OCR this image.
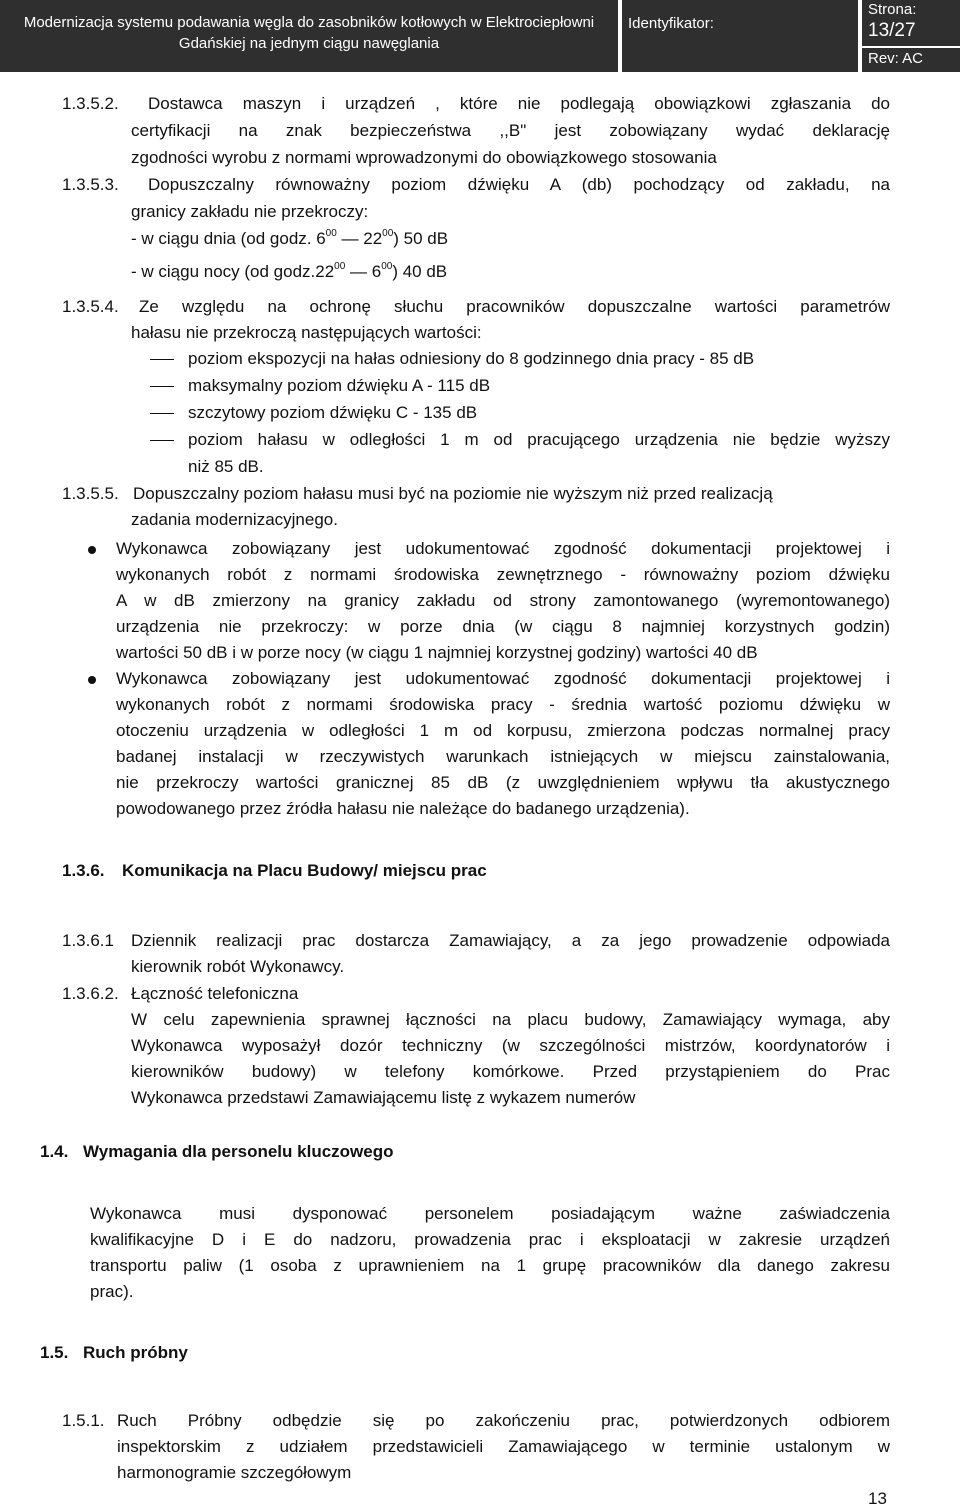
Modernizacja systemu podawania węgla do zasobników kotłowych w Elektrociepłowni
Gdańskiej na jednym ciągu nawęglania
Identyfikator:
Strona:
13/27
Rev: AC
1.3.5.2. Dostawca maszyn i urządzeń , które nie podlegają obowiązkowi zgłaszania do
certyfikacji na znak bezpieczeństwa ,,B" jest zobowiązany wydać deklarację
zgodności wyrobu z normami wprowadzonymi do obowiązkowego stosowania
1.3.5.3. Dopuszczalny równoważny poziom dźwięku A (db) pochodzący od zakładu, na
granicy zakładu nie przekroczy:
- w ciągu dnia (od godz. $6^{00}$ — $22^{00}$) 50 dB
- w ciągu nocy (od $godz.22^{00}$ — $6^{00}$) 40 dB
1.3.5.4. Ze względu na ochronę słuchu pracowników dopuszczalne wartości parametrów
hałasu nie przekroczą następujących wartości:
poziom ekspozycji na hałas odniesiony do 8 godzinnego dnia pracy - 85 dB
maksymalny poziom dźwięku A - 115 dB
szczytowy poziom dźwięku C - 135 dB
poziom hałasu w odległości 1 m od pracującego urządzenia nie będzie wyższy
niż 85 dB.
1.3.5.5. Dopuszczalny poziom hałasu musi być na poziomie nie wyższym niż przed realizacją
zadania modernizacyjnego.
Wykonawca zobowiązany jest udokumentować zgodność dokumentacji projektowej i
wykonanych robót z normami środowiska zewnętrznego - równoważny poziom dźwięku
A w dB zmierzony na granicy zakładu od strony zamontowanego (wyremontowanego)
urządzenia nie przekroczy: w porze dnia (w ciągu 8 najmniej korzystnych godzin)
wartości 50 dB i w porze nocy (w ciągu 1 najmniej korzystnej godziny) wartości 40 dB
Wykonawca zobowiązany jest udokumentować zgodność dokumentacji projektowej i
wykonanych robót z normami środowiska pracy - średnia wartość poziomu dźwięku w
otoczeniu urządzenia w odległości 1 m od korpusu, zmierzona podczas normalnej pracy
badanej instalacji w rzeczywistych warunkach istniejących w miejscu zainstalowania,
nie przekroczy wartości granicznej 85 dB (z uwzględnieniem wpływu tła akustycznego
powodowanego przez źródła hałasu nie należące do badanego urządzenia).
1.3.6. Komunikacja na Placu Budowy/ miejscu prac
1.3.6.1 Dziennik realizacji prac dostarcza Zamawiający, a za jego prowadzenie odpowiada
kierownik robót Wykonawcy.
1.3.6.2. Łączność telefoniczna
W celu zapewnienia sprawnej łączności na placu budowy, Zamawiający wymaga, aby
Wykonawca wyposażył dozór techniczny (w szczególności mistrzów, koordynatorów i
kierowników budowy) w telefony komórkowe. Przed przystąpieniem do Prac
Wykonawca przedstawi Zamawiającemu listę z wykazem numerów
1.4. Wymagania dla personelu kluczowego
Wykonawca musi dysponować personelem posiadającym ważne zaświadczenia
kwalifikacyjne D i E do nadzoru, prowadzenia prac i eksploatacji w zakresie urządzeń
transportu paliw (1 osoba z uprawnieniem na 1 grupę pracowników dla danego zakresu
prac).
1.5. Ruch próbny
1.5.1. Ruch Próbny odbędzie się po zakończeniu prac, potwierdzonych odbiorem
inspektorskim z udziałem przedstawicieli Zamawiającego w terminie ustalonym w
harmonogramie szczegółowym
13
